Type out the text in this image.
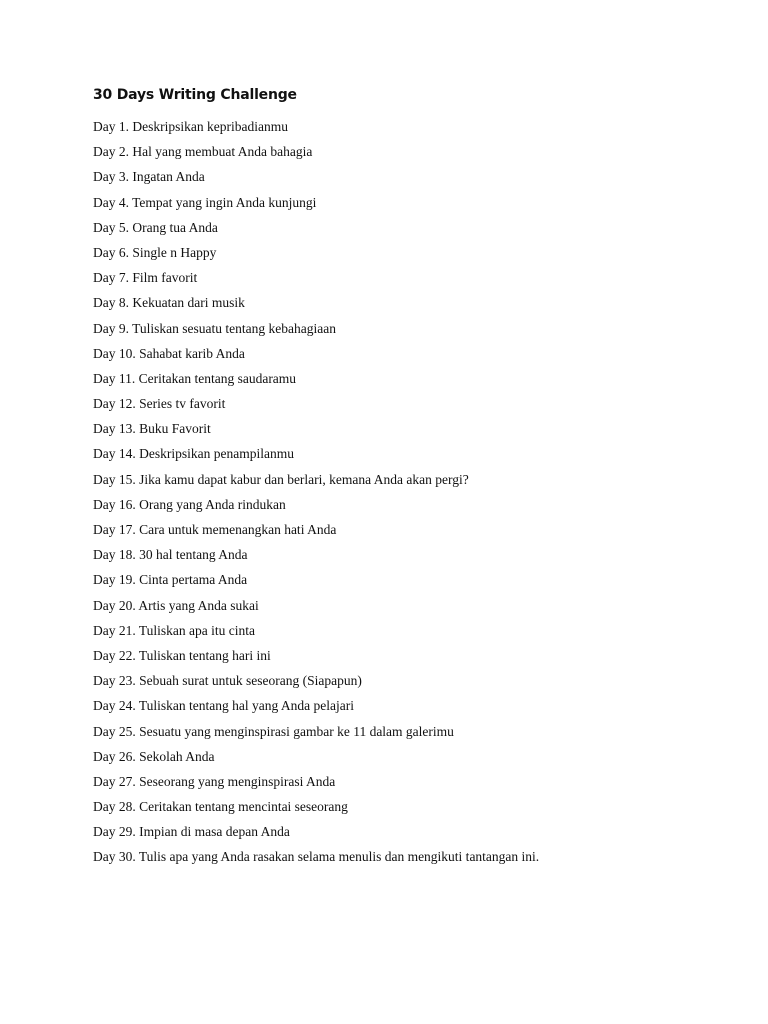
30 Days Writing Challenge
Day 1. Deskripsikan kepribadianmu
Day 2. Hal yang membuat Anda bahagia
Day 3. Ingatan Anda
Day 4. Tempat yang ingin Anda kunjungi
Day 5. Orang tua Anda
Day 6. Single n Happy
Day 7. Film favorit
Day 8. Kekuatan dari musik
Day 9. Tuliskan sesuatu tentang kebahagiaan
Day 10. Sahabat karib Anda
Day 11. Ceritakan tentang saudaramu
Day 12. Series tv favorit
Day 13. Buku Favorit
Day 14. Deskripsikan penampilanmu
Day 15. Jika kamu dapat kabur dan berlari, kemana Anda akan pergi?
Day 16. Orang yang Anda rindukan
Day 17. Cara untuk memenangkan hati Anda
Day 18. 30 hal tentang Anda
Day 19. Cinta pertama Anda
Day 20. Artis yang Anda sukai
Day 21. Tuliskan apa itu cinta
Day 22. Tuliskan tentang hari ini
Day 23. Sebuah surat untuk seseorang (Siapapun)
Day 24. Tuliskan tentang hal yang Anda pelajari
Day 25. Sesuatu yang menginspirasi gambar ke 11 dalam galerimu
Day 26. Sekolah Anda
Day 27. Seseorang yang menginspirasi Anda
Day 28. Ceritakan tentang mencintai seseorang
Day 29. Impian di masa depan Anda
Day 30. Tulis apa yang Anda rasakan selama menulis dan mengikuti tantangan ini.
